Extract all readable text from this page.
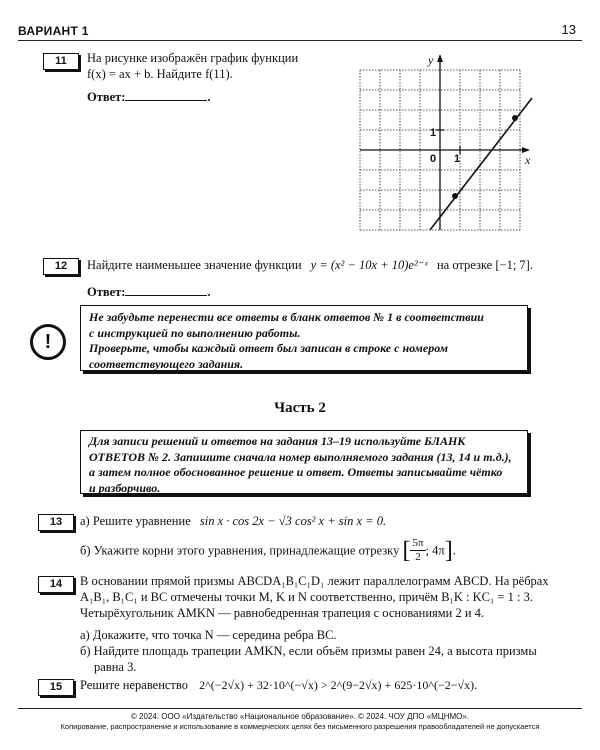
ВАРИАНТ 1	13
11	На рисунке изображён график функции
f(x) = ax + b. Найдите f(11).
Ответ:	.
y
x
0 1
1
12	Найдите наименьшее значение функции y = (x² − 10x + 10)e²⁻ˣ на отрезке [−1; 7].
Ответ:	.
!
Не забудьте перенести все ответы в бланк ответов № 1 в соответствии
с инструкцией по выполнению работы.
Проверьте, чтобы каждый ответ был записан в строке с номером
соответствующего задания.
Часть 2
Для записи решений и ответов на задания 13–19 используйте БЛАНК
ОТВЕТОВ № 2. Запишите сначала номер выполняемого задания (13, 14 и т.д.),
а затем полное обоснованное решение и ответ. Ответы записывайте чётко
и разборчиво.
13	а) Решите уравнение sin x · cos 2x − √3 cos² x + sin x = 0.
б) Укажите корни этого уравнения, принадлежащие отрезку [ $\frac{5\pi}{2}$ ; 4π].
14	В основании прямой призмы ABCDA₁B₁C₁D₁ лежит параллелограмм ABCD. На рёбрах
A₁B₁, B₁C₁ и BC отмечены точки M, K и N соответственно, причём B₁K : KC₁ = 1 : 3.
Четырёхугольник AMKN — равнобедренная трапеция с основаниями 2 и 4.
а) Докажите, что точка N — середина ребра BC.
б) Найдите площадь трапеции AMKN, если объём призмы равен 24, а высота призмы
равна 3.
15	Решите неравенство 2^(−2√x) + 32·10^(−√x) > 2^(9−2√x) + 625·10^(−2−√x).
© 2024. ООО «Издательство «Национальное образование». © 2024. ЧОУ ДПО «МЦНМО».
Копирование, распространение и использование в коммерческих целях без письменного разрешения правообладателей не допускается
